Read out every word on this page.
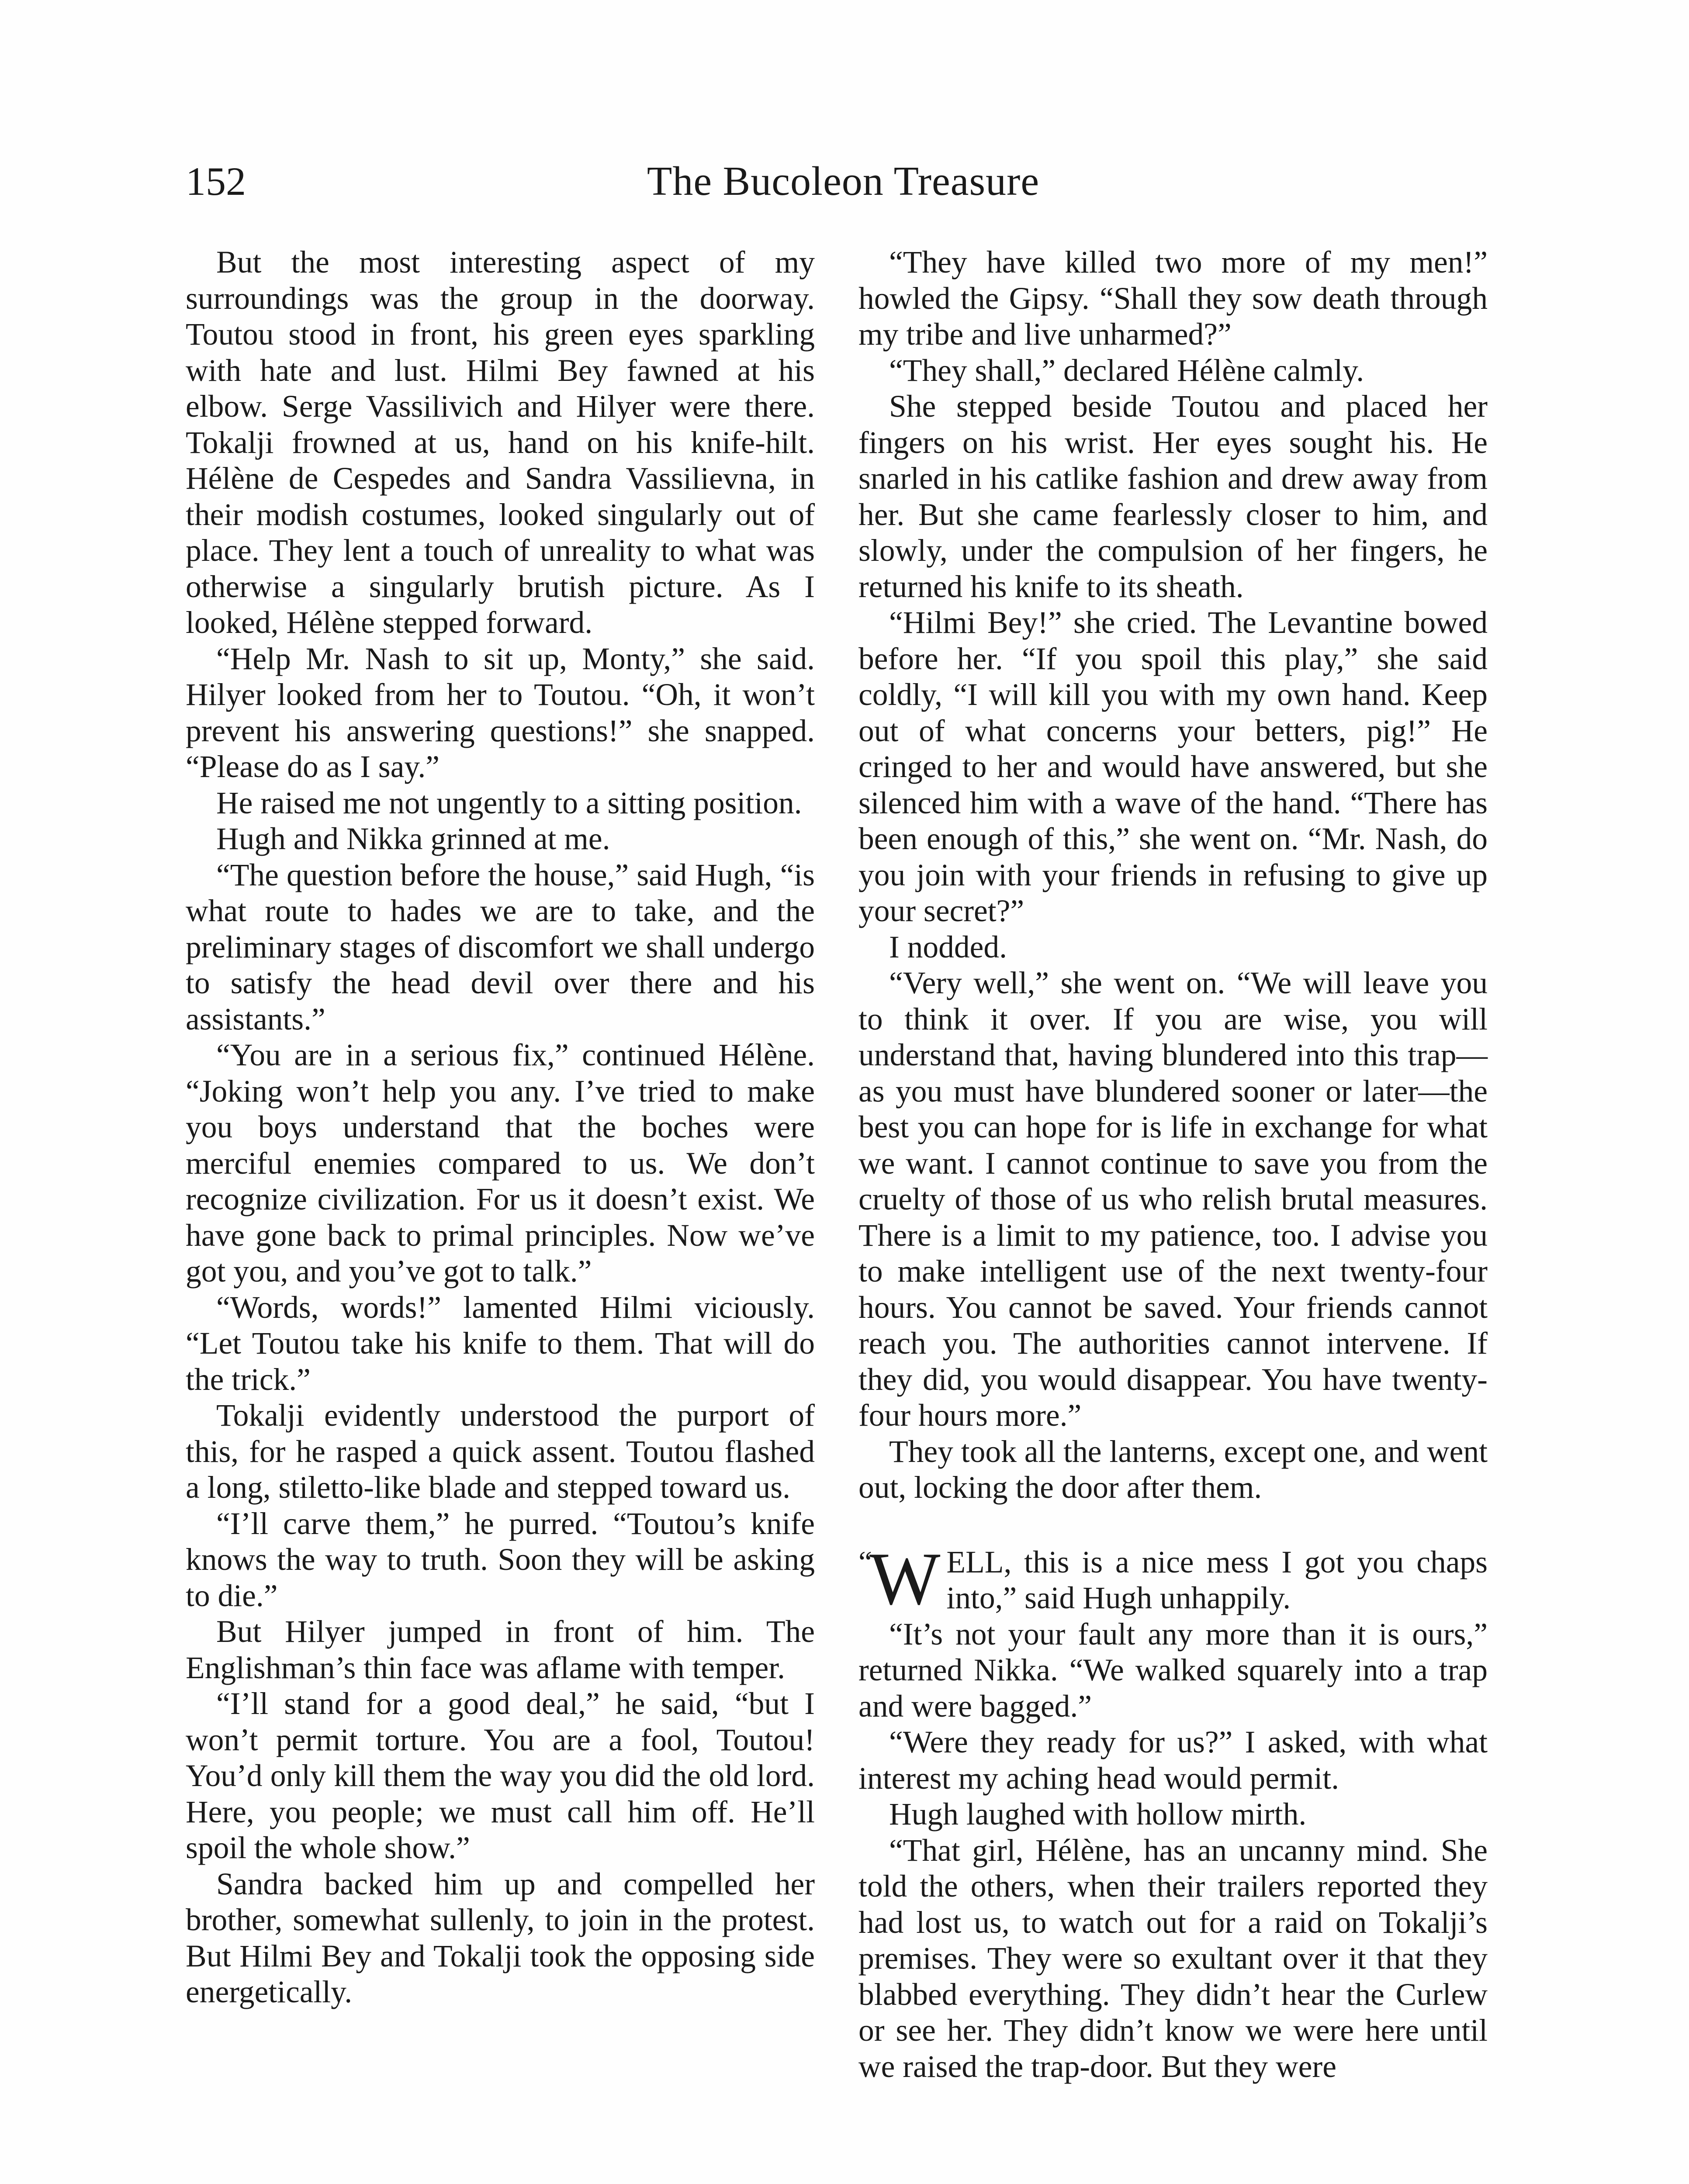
152	The Bucoleon Treasure

But the most interesting aspect of my surroundings was the group in the doorway. Toutou stood in front, his green eyes sparkling with hate and lust. Hilmi Bey fawned at his elbow. Serge Vassilivich and Hilyer were there. Tokalji frowned at us, hand on his knife-hilt. Hélène de Cespedes and Sandra Vassilievna, in their modish costumes, looked singularly out of place. They lent a touch of unreality to what was otherwise a singularly brutish picture. As I looked, Hélène stepped forward.

“Help Mr. Nash to sit up, Monty,” she said. Hilyer looked from her to Toutou. “Oh, it won’t prevent his answering questions!” she snapped. “Please do as I say.”

He raised me not ungently to a sitting position.

Hugh and Nikka grinned at me.

“The question before the house,” said Hugh, “is what route to hades we are to take, and the preliminary stages of discomfort we shall undergo to satisfy the head devil over there and his assistants.”

“You are in a serious fix,” continued Hélène. “Joking won’t help you any. I’ve tried to make you boys understand that the boches were merciful enemies compared to us. We don’t recognize civilization. For us it doesn’t exist. We have gone back to primal principles. Now we’ve got you, and you’ve got to talk.”

“Words, words!” lamented Hilmi viciously. “Let Toutou take his knife to them. That will do the trick.”

Tokalji evidently understood the purport of this, for he rasped a quick assent. Toutou flashed a long, stiletto-like blade and stepped toward us.

“I’ll carve them,” he purred. “Toutou’s knife knows the way to truth. Soon they will be asking to die.”

But Hilyer jumped in front of him. The Englishman’s thin face was aflame with temper.

“I’ll stand for a good deal,” he said, “but I won’t permit torture. You are a fool, Toutou! You’d only kill them the way you did the old lord. Here, you people; we must call him off. He’ll spoil the whole show.”

Sandra backed him up and compelled her brother, somewhat sullenly, to join in the protest. But Hilmi Bey and Tokalji took the opposing side energetically.

“They have killed two more of my men!” howled the Gipsy. “Shall they sow death through my tribe and live unharmed?”

“They shall,” declared Hélène calmly.

She stepped beside Toutou and placed her fingers on his wrist. Her eyes sought his. He snarled in his catlike fashion and drew away from her. But she came fearlessly closer to him, and slowly, under the compulsion of her fingers, he returned his knife to its sheath.

“Hilmi Bey!” she cried. The Levantine bowed before her. “If you spoil this play,” she said coldly, “I will kill you with my own hand. Keep out of what concerns your betters, pig!” He cringed to her and would have answered, but she silenced him with a wave of the hand. “There has been enough of this,” she went on. “Mr. Nash, do you join with your friends in refusing to give up your secret?”

I nodded.

“Very well,” she went on. “We will leave you to think it over. If you are wise, you will understand that, having blundered into this trap—as you must have blundered sooner or later—the best you can hope for is life in exchange for what we want. I cannot continue to save you from the cruelty of those of us who relish brutal measures. There is a limit to my patience, too. I advise you to make intelligent use of the next twenty-four hours. You cannot be saved. Your friends cannot reach you. The authorities cannot intervene. If they did, you would disappear. You have twenty-four hours more.”

They took all the lanterns, except one, and went out, locking the door after them.

“
W ELL, this is a nice mess I got you chaps into,” said Hugh unhappily.

“It’s not your fault any more than it is ours,” returned Nikka. “We walked squarely into a trap and were bagged.”

“Were they ready for us?” I asked, with what interest my aching head would permit.

Hugh laughed with hollow mirth.

“That girl, Hélène, has an uncanny mind. She told the others, when their trailers reported they had lost us, to watch out for a raid on Tokalji’s premises. They were so exultant over it that they blabbed everything. They didn’t hear the Curlew or see her. They didn’t know we were here until we raised the trap-door. But they were
